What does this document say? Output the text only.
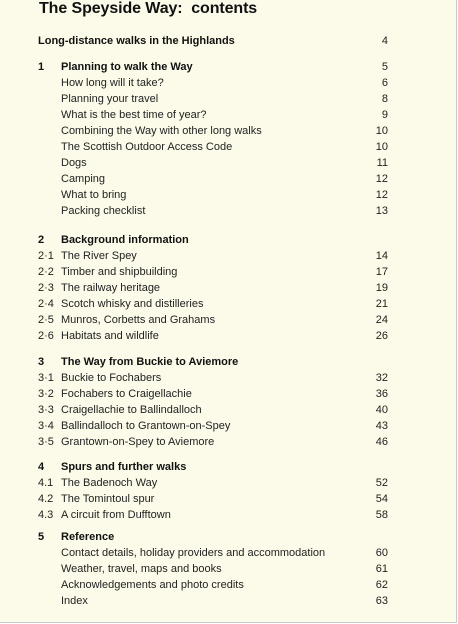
The Speyside Way:  contents
Long-distance walks in the Highlands	4
1 Planning to walk the Way	5
How long will it take?	6
Planning your travel	8
What is the best time of year?	9
Combining the Way with other long walks	10
The Scottish Outdoor Access Code	10
Dogs	11
Camping	12
What to bring	12
Packing checklist	13
2 Background information
2·1 The River Spey	14
2·2 Timber and shipbuilding	17
2·3 The railway heritage	19
2·4 Scotch whisky and distilleries	21
2·5 Munros, Corbetts and Grahams	24
2·6 Habitats and wildlife	26
3 The Way from Buckie to Aviemore
3·1 Buckie to Fochabers	32
3·2 Fochabers to Craigellachie	36
3·3 Craigellachie to Ballindalloch	40
3·4 Ballindalloch to Grantown-on-Spey	43
3·5 Grantown-on-Spey to Aviemore	46
4 Spurs and further walks
4.1 The Badenoch Way	52
4.2 The Tomintoul spur	54
4.3 A circuit from Dufftown	58
5 Reference
Contact details, holiday providers and accommodation	60
Weather, travel, maps and books	61
Acknowledgements and photo credits	62
Index	63
